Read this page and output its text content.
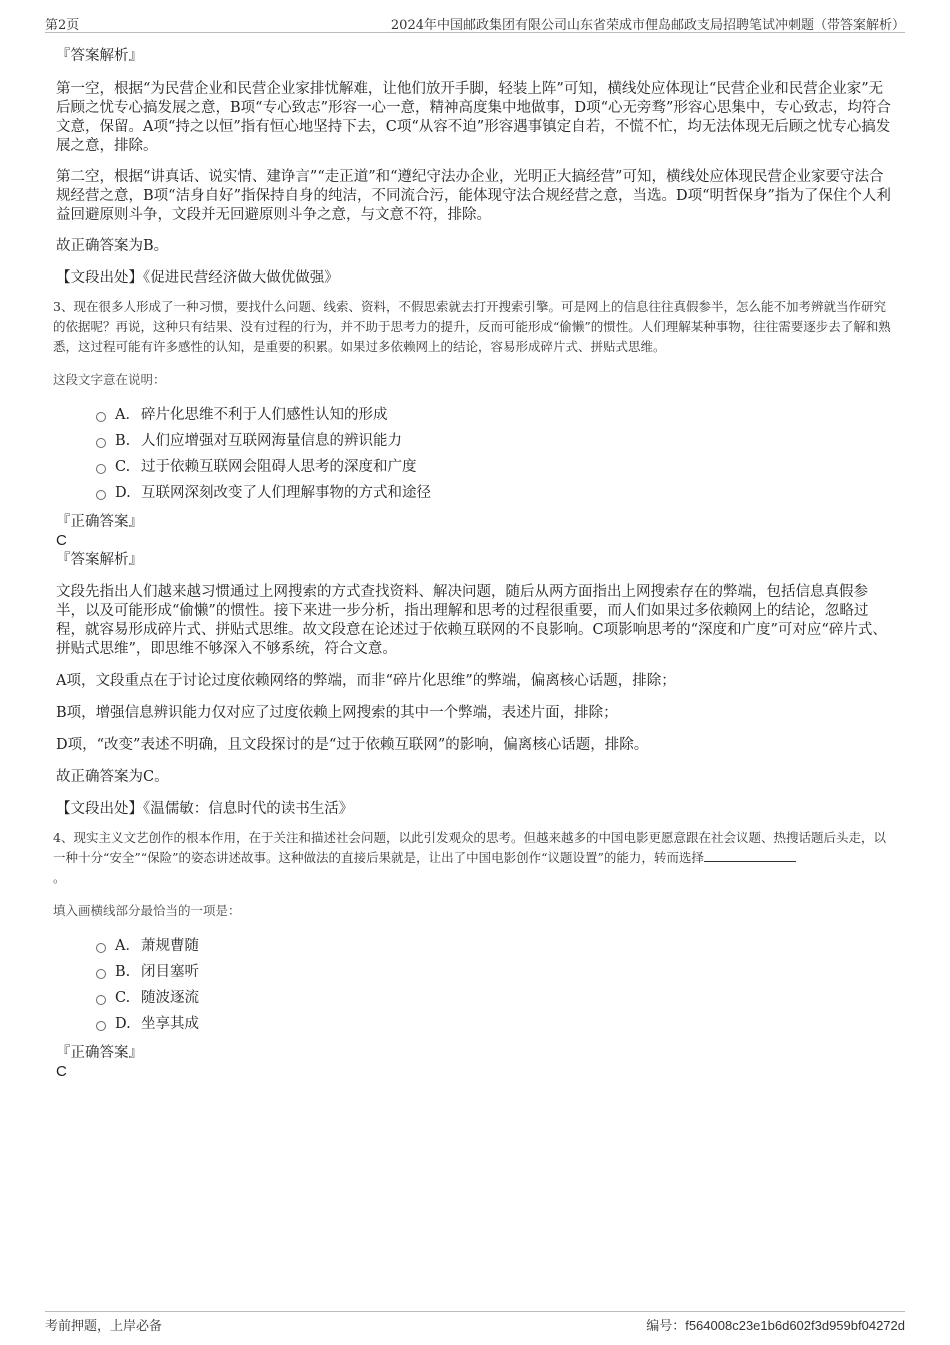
第2页	2024年中国邮政集团有限公司山东省荣成市俚岛邮政支局招聘笔试冲刺题（带答案解析）
『答案解析』

第一空，根据“为民营企业和民营企业家排忧解难，让他们放开手脚，轻装上阵”可知，横线处应体现让“民营企业和民营企业家”无后顾之忧专心搞发展之意，B项“专心致志”形容一心一意，精神高度集中地做事，D项“心无旁骛”形容心思集中，专心致志，均符合文意，保留。A项“持之以恒”指有恒心地坚持下去，C项“从容不迫”形容遇事镇定自若，不慌不忙，均无法体现无后顾之忧专心搞发展之意，排除。

第二空，根据“讲真话、说实情、建诤言”“走正道”和“遵纪守法办企业，光明正大搞经营”可知，横线处应体现民营企业家要守法合规经营之意，B项“洁身自好”指保持自身的纯洁，不同流合污，能体现守法合规经营之意，当选。D项“明哲保身”指为了保住个人利益回避原则斗争，文段并无回避原则斗争之意，与文意不符，排除。

故正确答案为B。

【文段出处】《促进民营经济做大做优做强》

3、现在很多人形成了一种习惯，要找什么问题、线索、资料，不假思索就去打开搜索引擎。可是网上的信息往往真假参半，怎么能不加考辨就当作研究的依据呢？再说，这种只有结果、没有过程的行为，并不助于思考力的提升，反而可能形成“偷懒”的惯性。人们理解某种事物，往往需要逐步去了解和熟悉，这过程可能有许多感性的认知，是重要的积累。如果过多依赖网上的结论，容易形成碎片式、拼贴式思维。

这段文字意在说明：

A．碎片化思维不利于人们感性认知的形成
B. 人们应增强对互联网海量信息的辨识能力
C. 过于依赖互联网会阻碍人思考的深度和广度
D. 互联网深刻改变了人们理解事物的方式和途径
『正确答案』
C
『答案解析』

文段先指出人们越来越习惯通过上网搜索的方式查找资料、解决问题，随后从两方面指出上网搜索存在的弊端，包括信息真假参半，以及可能形成“偷懒”的惯性。接下来进一步分析，指出理解和思考的过程很重要，而人们如果过多依赖网上的结论，忽略过程，就容易形成碎片式、拼贴式思维。故文段意在论述过于依赖互联网的不良影响。C项影响思考的“深度和广度”可对应“碎片式、拼贴式思维”，即思维不够深入不够系统，符合文意。

A项，文段重点在于讨论过度依赖网络的弊端，而非“碎片化思维”的弊端，偏离核心话题，排除；

B项，增强信息辨识能力仅对应了过度依赖上网搜索的其中一个弊端，表述片面，排除；

D项，“改变”表述不明确，且文段探讨的是“过于依赖互联网”的影响，偏离核心话题，排除。

故正确答案为C。

【文段出处】《温儒敏：信息时代的读书生活》

4、现实主义文艺创作的根本作用，在于关注和描述社会问题，以此引发观众的思考。但越来越多的中国电影更愿意跟在社会议题、热搜话题后头走，以一种十分“安全”“保险”的姿态讲述故事。这种做法的直接后果就是，让出了中国电影创作“议题设置”的能力，转而选择
。

填入画横线部分最恰当的一项是：

A．萧规曹随
B. 闭目塞听
C. 随波逐流
D. 坐享其成
『正确答案』
C
考前押题，上岸必备	编号：f564008c23e1b6d602f3d959bf04272d
